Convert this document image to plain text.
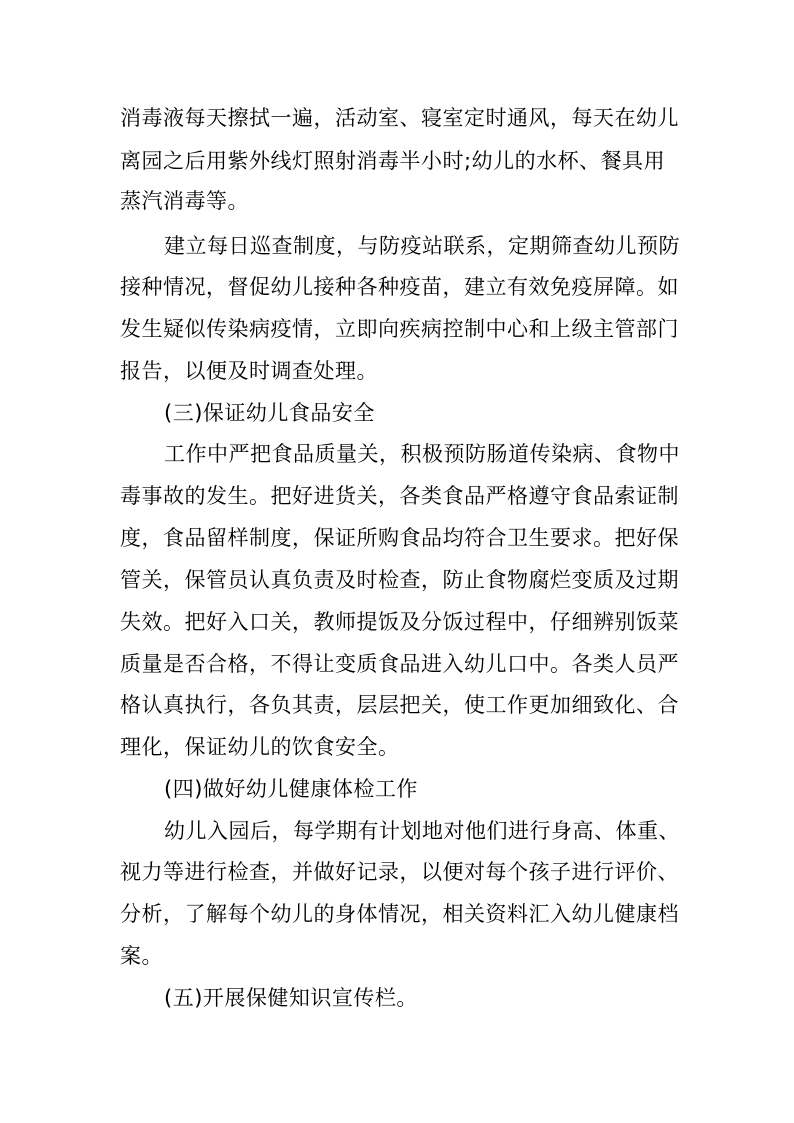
消毒液每天擦拭一遍，活动室、寝室定时通风，每天在幼儿
离园之后用紫外线灯照射消毒半小时;幼儿的水杯、餐具用
蒸汽消毒等。
建立每日巡查制度，与防疫站联系，定期筛查幼儿预防
接种情况，督促幼儿接种各种疫苗，建立有效免疫屏障。如
发生疑似传染病疫情，立即向疾病控制中心和上级主管部门
报告，以便及时调查处理。
(三)保证幼儿食品安全
工作中严把食品质量关，积极预防肠道传染病、食物中
毒事故的发生。把好进货关，各类食品严格遵守食品索证制
度，食品留样制度，保证所购食品均符合卫生要求。把好保
管关，保管员认真负责及时检查，防止食物腐烂变质及过期
失效。把好入口关，教师提饭及分饭过程中，仔细辨别饭菜
质量是否合格，不得让变质食品进入幼儿口中。各类人员严
格认真执行，各负其责，层层把关，使工作更加细致化、合
理化，保证幼儿的饮食安全。
(四)做好幼儿健康体检工作
幼儿入园后，每学期有计划地对他们进行身高、体重、
视力等进行检查，并做好记录，以便对每个孩子进行评价、
分析，了解每个幼儿的身体情况，相关资料汇入幼儿健康档
案。
(五)开展保健知识宣传栏。
